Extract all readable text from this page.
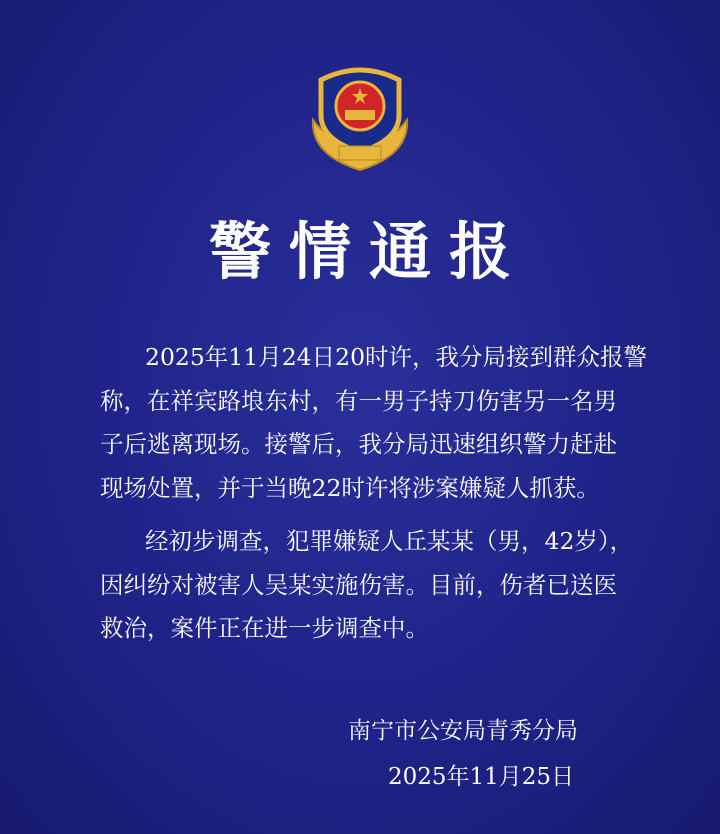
警情通报
2025年11月24日20时许，我分局接到群众报警
称，在祥宾路埌东村，有一男子持刀伤害另一名男
子后逃离现场。接警后，我分局迅速组织警力赶赴
现场处置，并于当晚22时许将涉案嫌疑人抓获。
经初步调查，犯罪嫌疑人丘某某（男，42岁），
因纠纷对被害人吴某实施伤害。目前，伤者已送医
救治，案件正在进一步调查中。
南宁市公安局青秀分局
2025年11月25日
